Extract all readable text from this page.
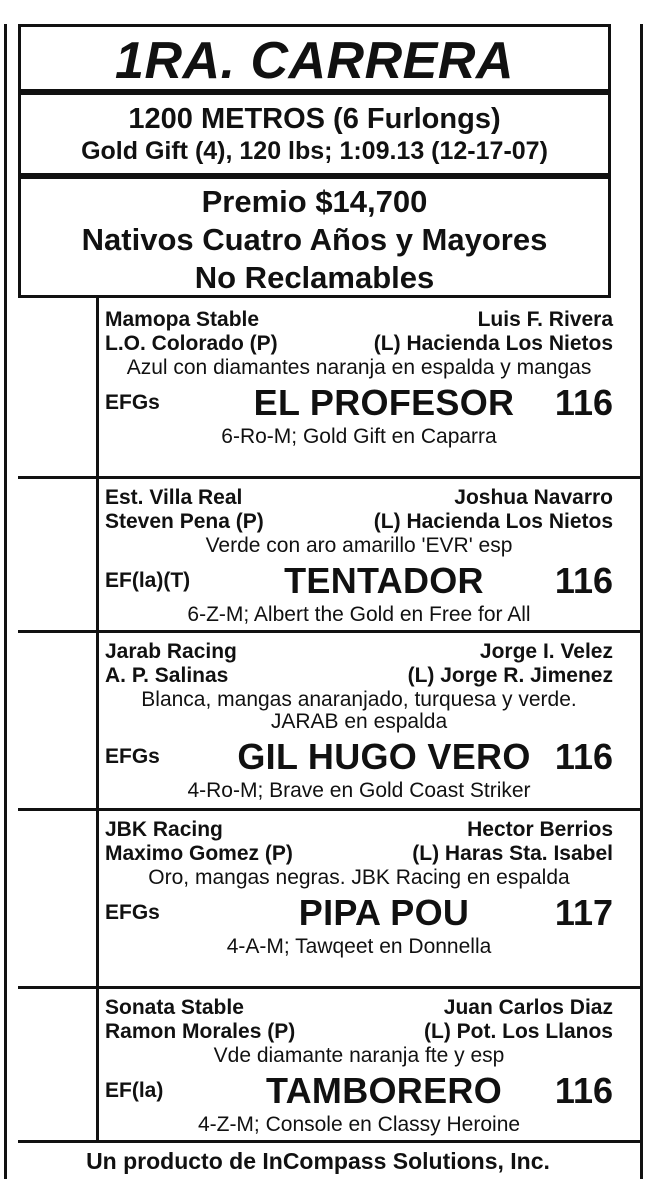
1RA. CARRERA
1200 METROS (6 Furlongs)
Gold Gift (4), 120 lbs; 1:09.13 (12-17-07)
Premio $14,700
Nativos Cuatro Años y Mayores
No Reclamables
Mamopa Stable	Luis F. Rivera
L.O. Colorado (P)	(L) Hacienda Los Nietos
Azul con diamantes naranja en espalda y mangas
EFGs	EL PROFESOR	116
6-Ro-M; Gold Gift en Caparra
Est. Villa Real	Joshua Navarro
Steven Pena (P)	(L) Hacienda Los Nietos
Verde con aro amarillo 'EVR' esp
EF(la)(T)	TENTADOR	116
6-Z-M; Albert the Gold en Free for All
Jarab Racing	Jorge I. Velez
A. P. Salinas	(L) Jorge R. Jimenez
Blanca, mangas anaranjado, turquesa y verde. JARAB en espalda
EFGs	GIL HUGO VERO 116
4-Ro-M; Brave en Gold Coast Striker
JBK Racing	Hector Berrios
Maximo Gomez (P)	(L) Haras Sta. Isabel
Oro, mangas negras. JBK Racing en espalda
EFGs	PIPA POU	117
4-A-M; Tawqeet en Donnella
Sonata Stable	Juan Carlos Diaz
Ramon Morales (P)	(L) Pot. Los Llanos
Vde diamante naranja fte y esp
EF(la)	TAMBORERO	116
4-Z-M; Console en Classy Heroine
Un producto de InCompass Solutions, Inc.
